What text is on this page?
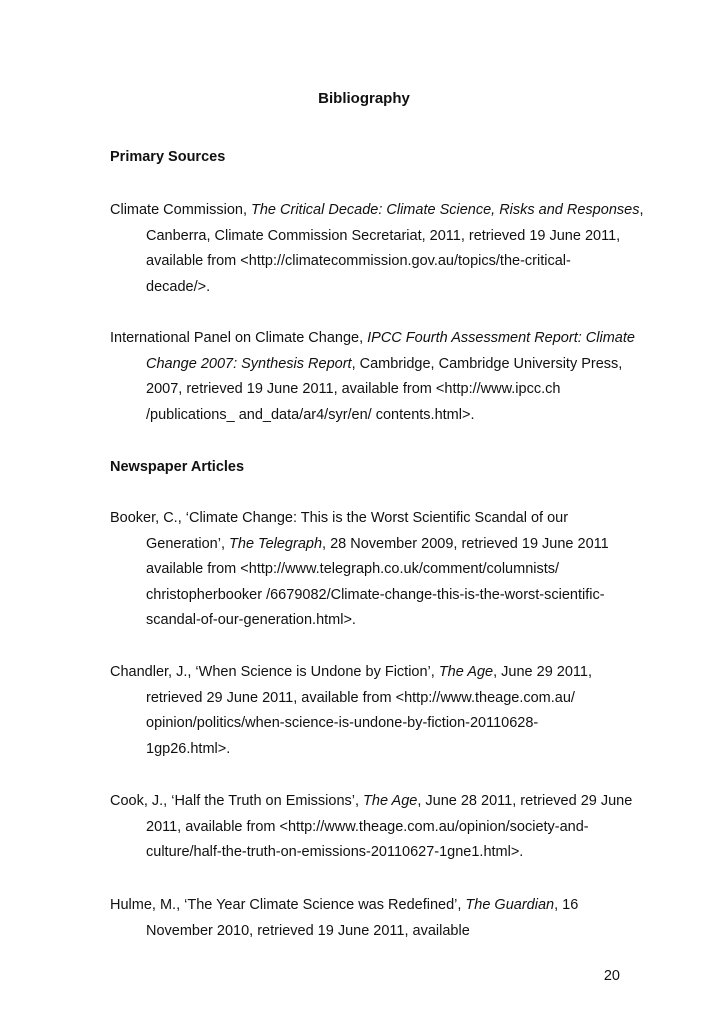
Bibliography
Primary Sources
Climate Commission, The Critical Decade: Climate Science, Risks and Responses,
Canberra, Climate Commission Secretariat, 2011, retrieved 19 June 2011,
available from <http://climatecommission.gov.au/topics/the-critical-
decade/>.
International Panel on Climate Change, IPCC Fourth Assessment Report: Climate
Change 2007: Synthesis Report, Cambridge, Cambridge University Press,
2007, retrieved 19 June 2011, available from <http://www.ipcc.ch
/publications_ and_data/ar4/syr/en/ contents.html>.
Newspaper Articles
Booker, C., ‘Climate Change: This is the Worst Scientific Scandal of our
Generation’, The Telegraph, 28 November 2009, retrieved 19 June 2011
available from <http://www.telegraph.co.uk/comment/columnists/
christopherbooker /6679082/Climate-change-this-is-the-worst-scientific-
scandal-of-our-generation.html>.
Chandler, J., ‘When Science is Undone by Fiction’, The Age, June 29 2011,
retrieved 29 June 2011, available from <http://www.theage.com.au/
opinion/politics/when-science-is-undone-by-fiction-20110628-
1gp26.html>.
Cook, J., ‘Half the Truth on Emissions’, The Age, June 28 2011, retrieved 29 June
2011, available from <http://www.theage.com.au/opinion/society-and-
culture/half-the-truth-on-emissions-20110627-1gne1.html>.
Hulme, M., ‘The Year Climate Science was Redefined’, The Guardian, 16
November 2010, retrieved 19 June 2011, available
20
